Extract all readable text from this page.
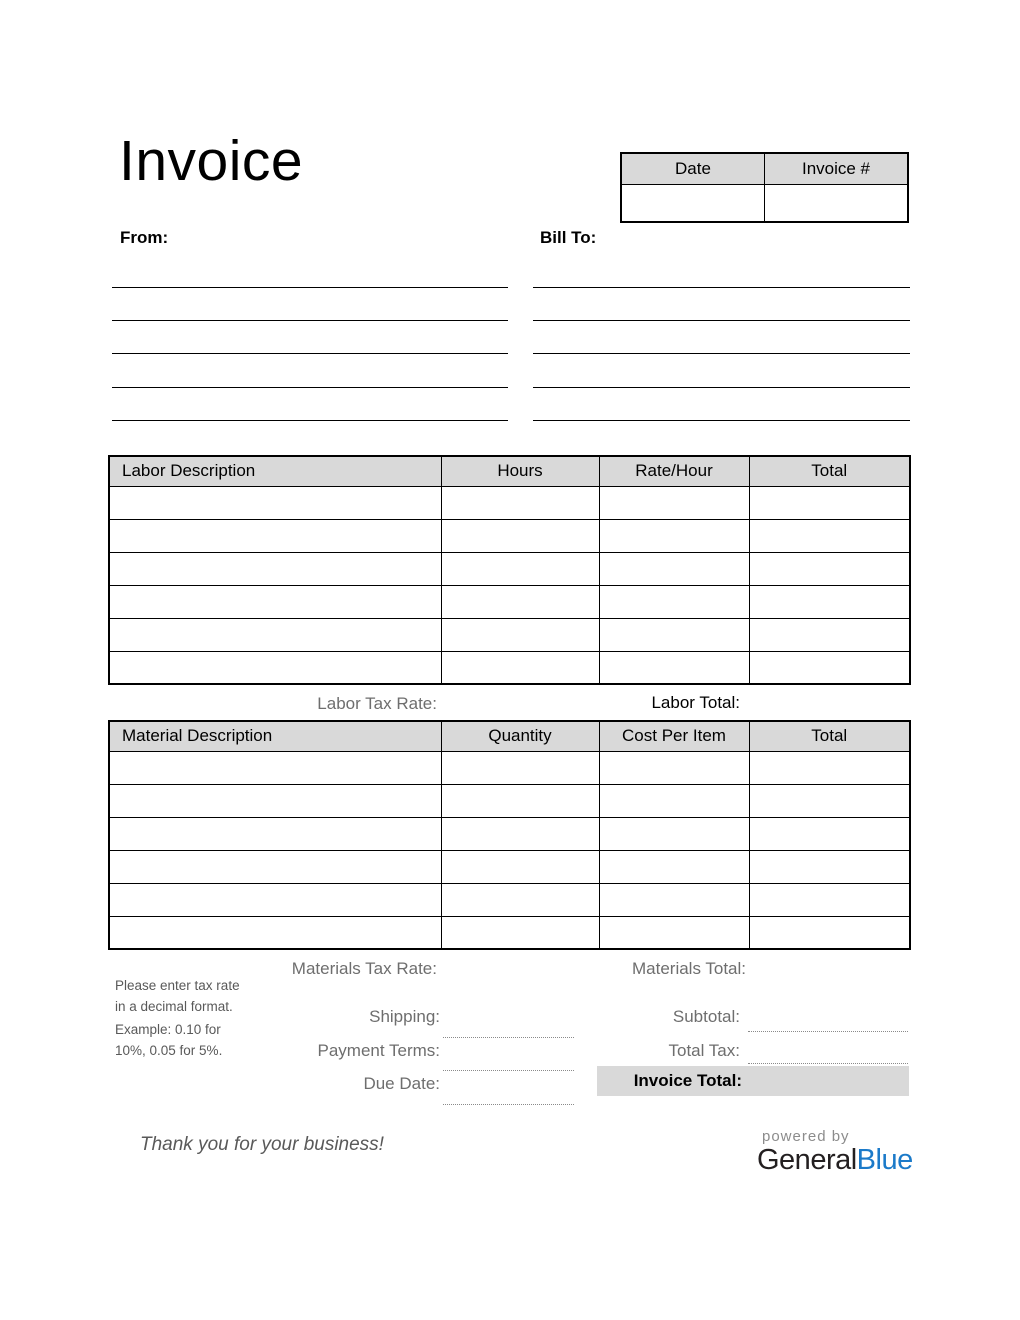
Invoice	Date	Invoice #

From:	Bill To:
Labor Description	Hours	Rate/Hour	Total

Labor Tax Rate:	Labor Total:
Material Description	Quantity	Cost Per Item	Total

Materials Tax Rate:	Materials Total:

Please enter tax rate in a decimal format.

Example: 0.10 for 10%, 0.05 for 5%.

Shipping:
Payment Terms:
Due Date:
Subtotal:
Total Tax:
Invoice Total:
Thank you for your business!	powered by
GeneralBlue
